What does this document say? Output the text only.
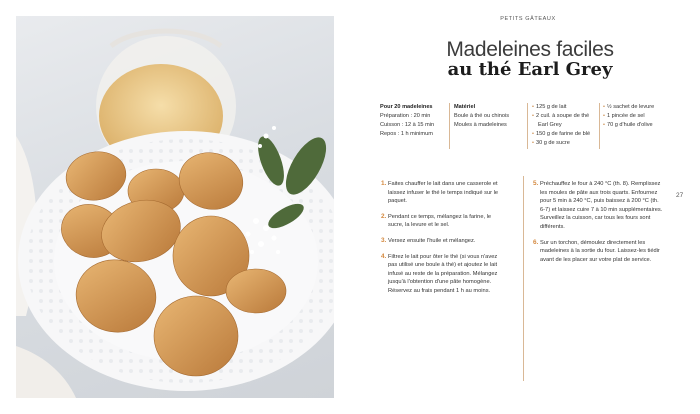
PETITS GÂTEAUX
Madeleines faciles
au thé Earl Grey
Pour 20 madeleines
Préparation : 20 min
Cuisson : 12 à 15 min
Repos : 1 h minimum
Matériel
Boule à thé ou chinois
Moules à madeleines
• 125 g de lait
• 2 cuil. à soupe de thé
Earl Grey
• 150 g de farine de blé
• 30 g de sucre
• ½ sachet de levure
• 1 pincée de sel
• 70 g d'huile d'olive
1. Faites chauffer le lait dans une casserole et laissez infuser le thé le temps indiqué sur le paquet.
2. Pendant ce temps, mélangez la farine, le sucre, la levure et le sel.
3. Versez ensuite l'huile et mélangez.
4. Filtrez le lait pour ôter le thé (si vous n'avez pas utilisé une boule à thé) et ajoutez le lait infusé au reste de la préparation. Mélangez jusqu'à l'obtention d'une pâte homogène. Réservez au frais pendant 1 h au moins.
5. Préchauffez le four à 240 °C (th. 8). Remplissez les moules de pâte aux trois quarts. Enfournez pour 5 min à 240 °C, puis baissez à 200 °C (th. 6-7) et laissez cuire 7 à 10 min supplémentaires. Surveillez la cuisson, car tous les fours sont différents.
6. Sur un torchon, démoulez directement les madeleines à la sortie du four. Laissez-les tiédir avant de les placer sur votre plat de service.
27
